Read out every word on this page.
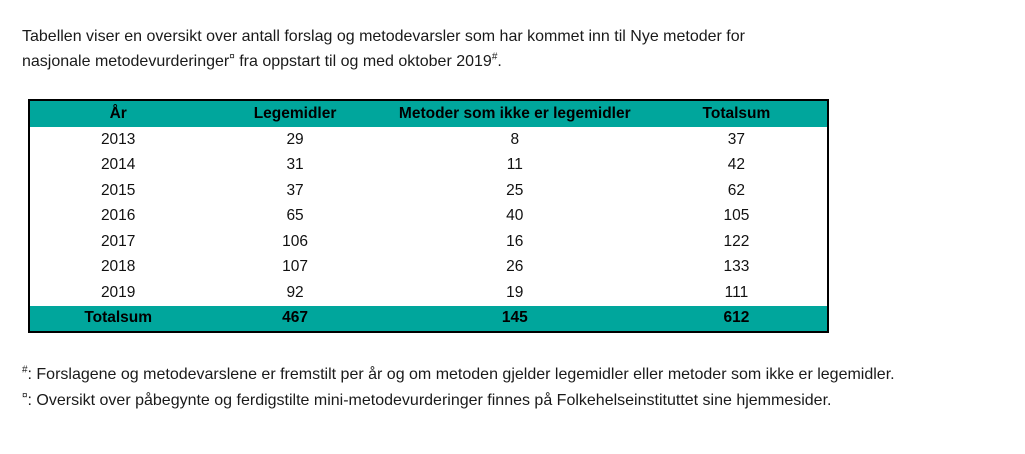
Tabellen viser en oversikt over antall forslag og metodevarsler som har kommet inn til Nye metoder for
nasjonale metodevurderinger¤ fra oppstart til og med oktober 2019#.

År	Legemidler	Metoder som ikke er legemidler	Totalsum
2013	29	8	37
2014	31	11	42
2015	37	25	62
2016	65	40	105
2017	106	16	122
2018	107	26	133
2019	92	19	111
Totalsum	467	145	612

#: Forslagene og metodevarslene er fremstilt per år og om metoden gjelder legemidler eller metoder som ikke er legemidler.

¤: Oversikt over påbegynte og ferdigstilte mini-metodevurderinger finnes på Folkehelseinstituttet sine hjemmesider.
